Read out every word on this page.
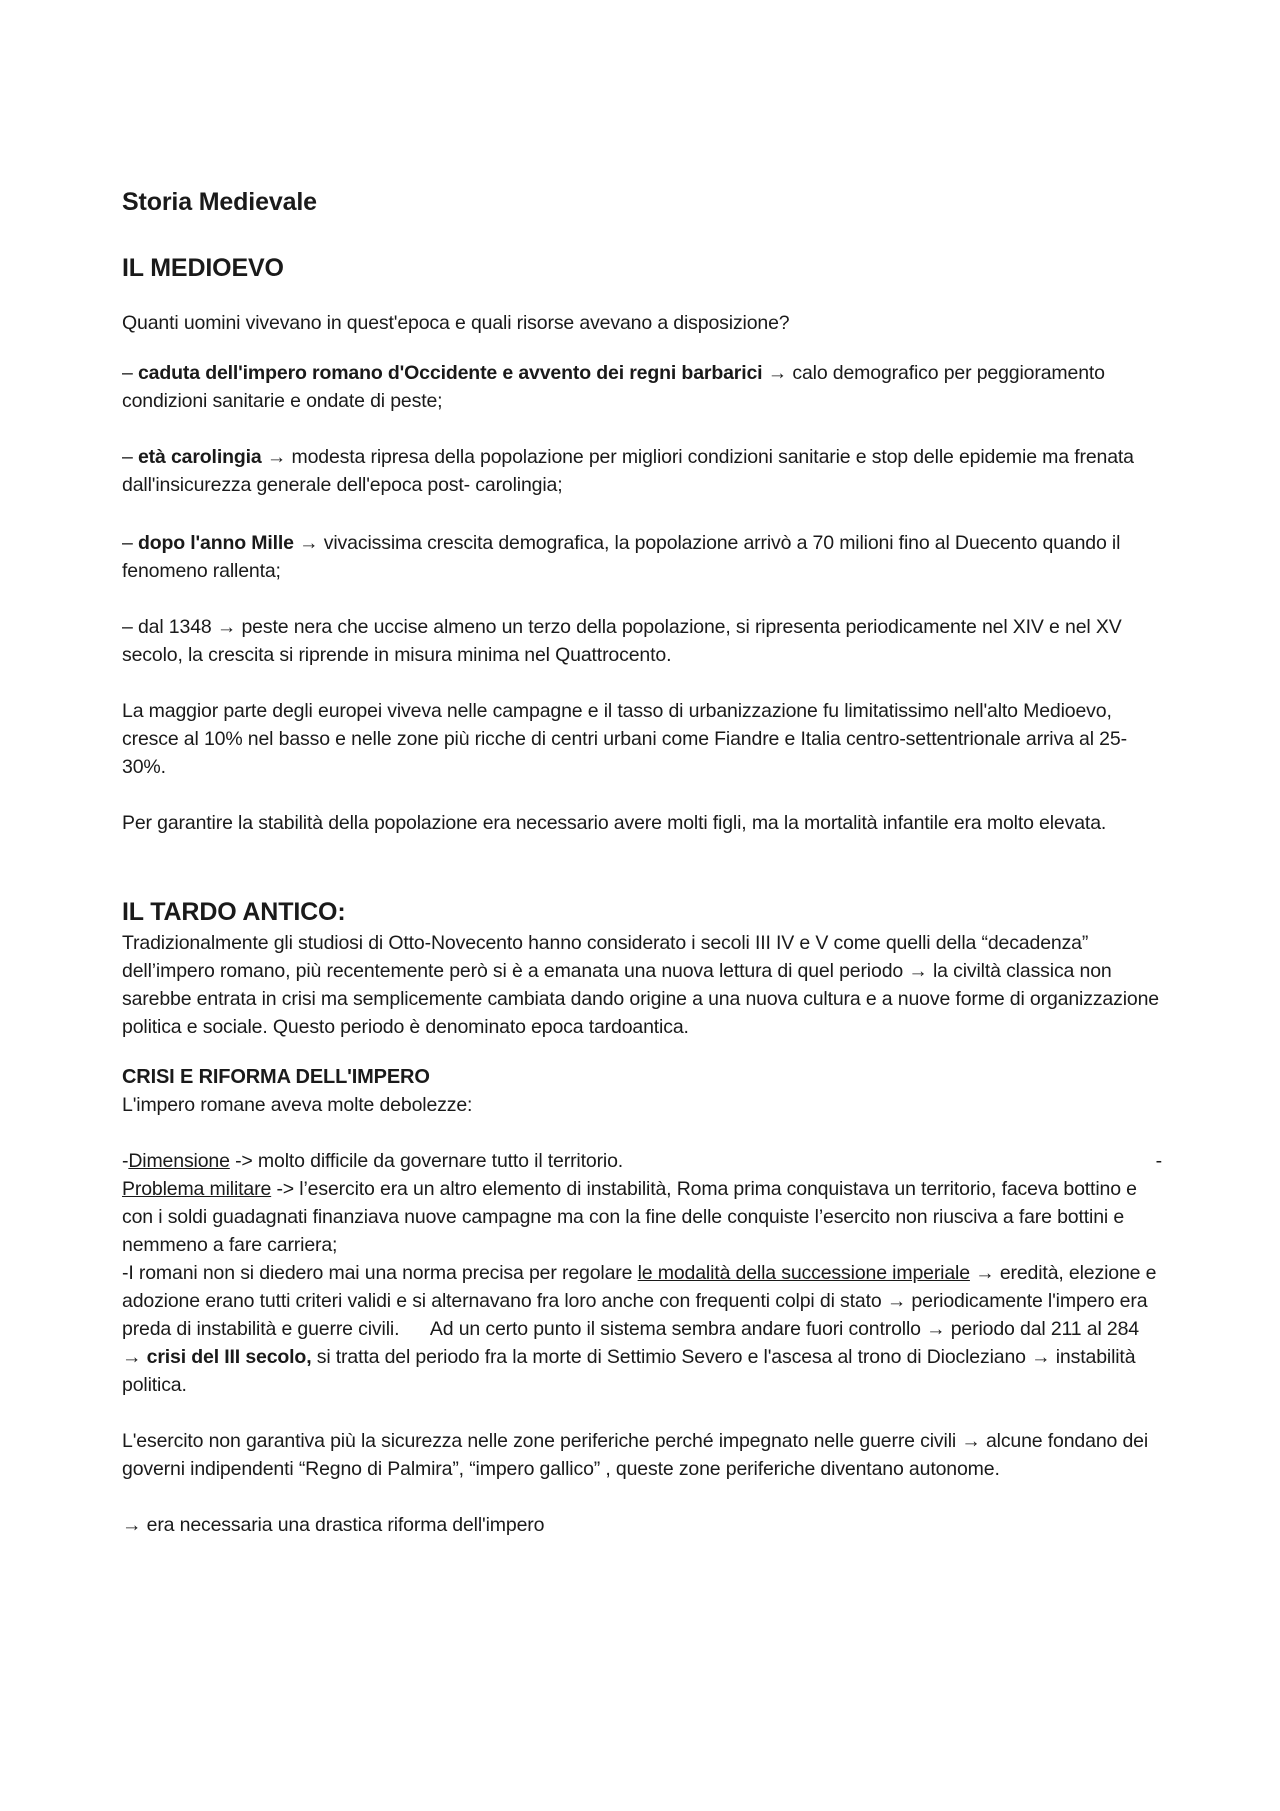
Storia Medievale
IL MEDIOEVO

Quanti uomini vivevano in quest'epoca e quali risorse avevano a disposizione?

– caduta dell'impero romano d'Occidente e avvento dei regni barbarici → calo demografico per peggioramento condizioni sanitarie e ondate di peste;

– età carolingia → modesta ripresa della popolazione per migliori condizioni sanitarie e stop delle epidemie ma frenata dall'insicurezza generale dell'epoca post- carolingia;

– dopo l'anno Mille → vivacissima crescita demografica, la popolazione arrivò a 70 milioni fino al Duecento quando il fenomeno rallenta;

– dal 1348 → peste nera che uccise almeno un terzo della popolazione, si ripresenta periodicamente nel XIV e nel XV secolo, la crescita si riprende in misura minima nel Quattrocento.

La maggior parte degli europei viveva nelle campagne e il tasso di urbanizzazione fu limitatissimo nell'alto Medioevo, cresce al 10% nel basso e nelle zone più ricche di centri urbani come Fiandre e Italia centro-settentrionale arriva al 25-30%.

Per garantire la stabilità della popolazione era necessario avere molti figli, ma la mortalità infantile era molto elevata.

IL TARDO ANTICO:

Tradizionalmente gli studiosi di Otto-Novecento hanno considerato i secoli III IV e V come quelli della “decadenza” dell’impero romano, più recentemente però si è a emanata una nuova lettura di quel periodo → la civiltà classica non sarebbe entrata in crisi ma semplicemente cambiata dando origine a una nuova cultura e a nuove forme di organizzazione politica e sociale. Questo periodo è denominato epoca tardoantica.

CRISI E RIFORMA DELL'IMPERO

L'impero romane aveva molte debolezze:

-Dimensione -> molto difficile da governare tutto il territorio.	-

Problema militare -> l’esercito era un altro elemento di instabilità, Roma prima conquistava un territorio, faceva bottino e con i soldi guadagnati finanziava nuove campagne ma con la fine delle conquiste l’esercito non riusciva a fare bottini e nemmeno a fare carriera;

-I romani non si diedero mai una norma precisa per regolare le modalità della successione imperiale → eredità, elezione e adozione erano tutti criteri validi e si alternavano fra loro anche con frequenti colpi di stato → periodicamente l'impero era preda di instabilità e guerre civili.      Ad un certo punto il sistema sembra andare fuori controllo → periodo dal 211 al 284 → crisi del III secolo, si tratta del periodo fra la morte di Settimio Severo e l'ascesa al trono di Diocleziano → instabilità politica.

L'esercito non garantiva più la sicurezza nelle zone periferiche perché impegnato nelle guerre civili → alcune fondano dei governi indipendenti “Regno di Palmira”, “impero gallico” , queste zone periferiche diventano autonome.

→ era necessaria una drastica riforma dell'impero
